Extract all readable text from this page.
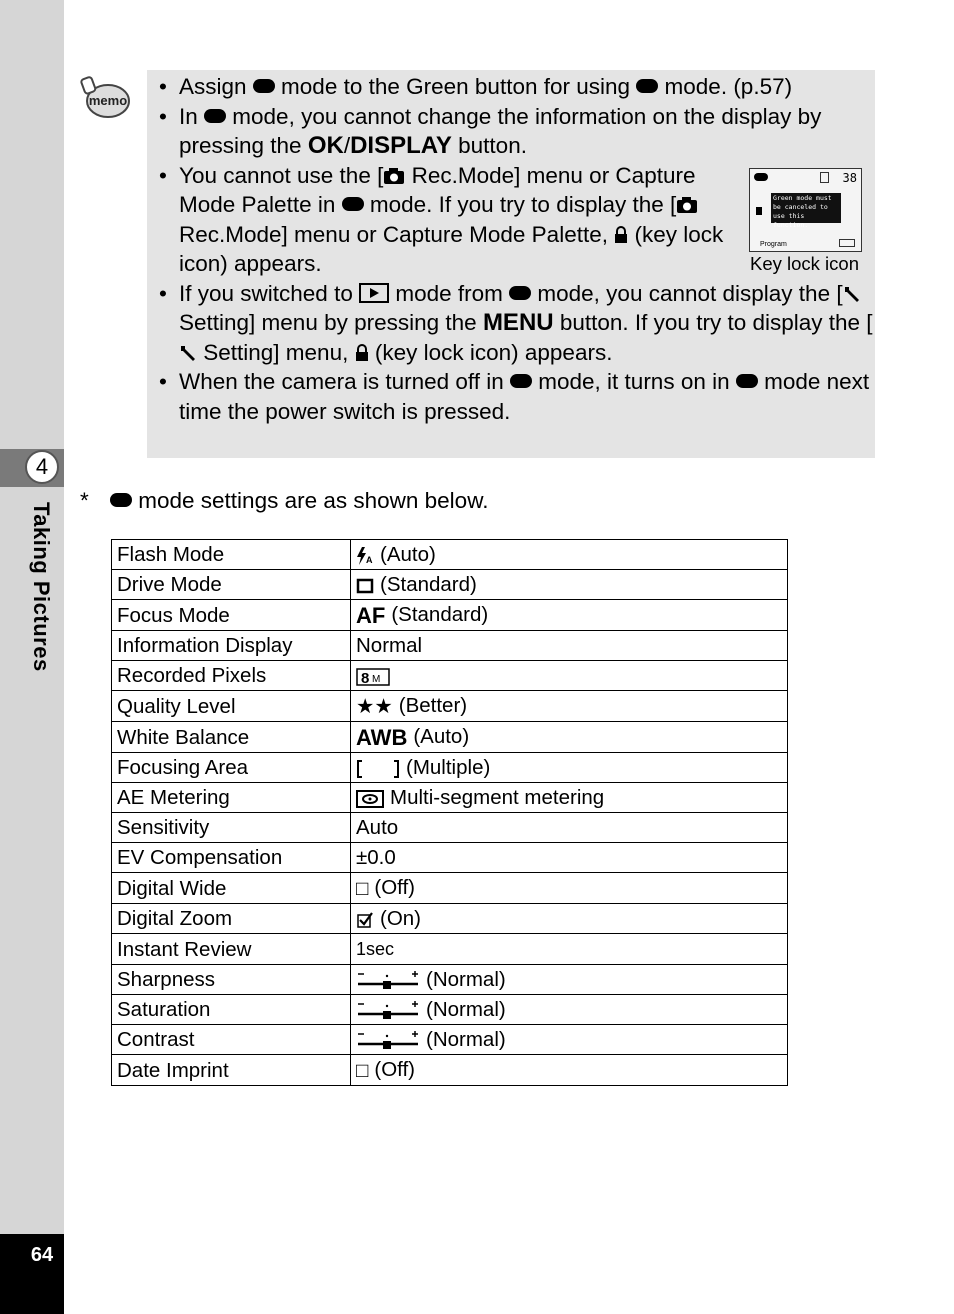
4
Taking Pictures
64
memo
• Assign  mode to the Green button for using  mode. (p.57)
• In  mode, you cannot change the information on the display by pressing the OK/DISPLAY button.
• You cannot use the [ Rec.Mode] menu or Capture Mode Palette in  mode. If you try to display the [ Rec.Mode] menu or Capture Mode Palette,  (key lock icon) appears.
• If you switched to  mode from  mode, you cannot display the [ Setting] menu by pressing the MENU button. If you try to display the [ Setting] menu,  (key lock icon) appears.
• When the camera is turned off in  mode, it turns on in  mode next time the power switch is pressed.
38
Green mode must be canceled to use this function.
Program
Key lock icon
* mode settings are as shown below.
Flash Mode	A (Auto)
Drive Mode	(Standard)
Focus Mode	AF (Standard)
Information Display	Normal
Recorded Pixels	8 M

Quality Level	★★ (Better)
White Balance	AWB (Auto)
Focusing Area	(Multiple)
AE Metering	Multi-segment metering
Sensitivity	Auto
EV Compensation	±0.0
Digital Wide	□ (Off)
Digital Zoom	(On)
Instant Review	1sec
Sharpness	(Normal)
Saturation	(Normal)
Contrast	(Normal)
Date Imprint	□ (Off)
